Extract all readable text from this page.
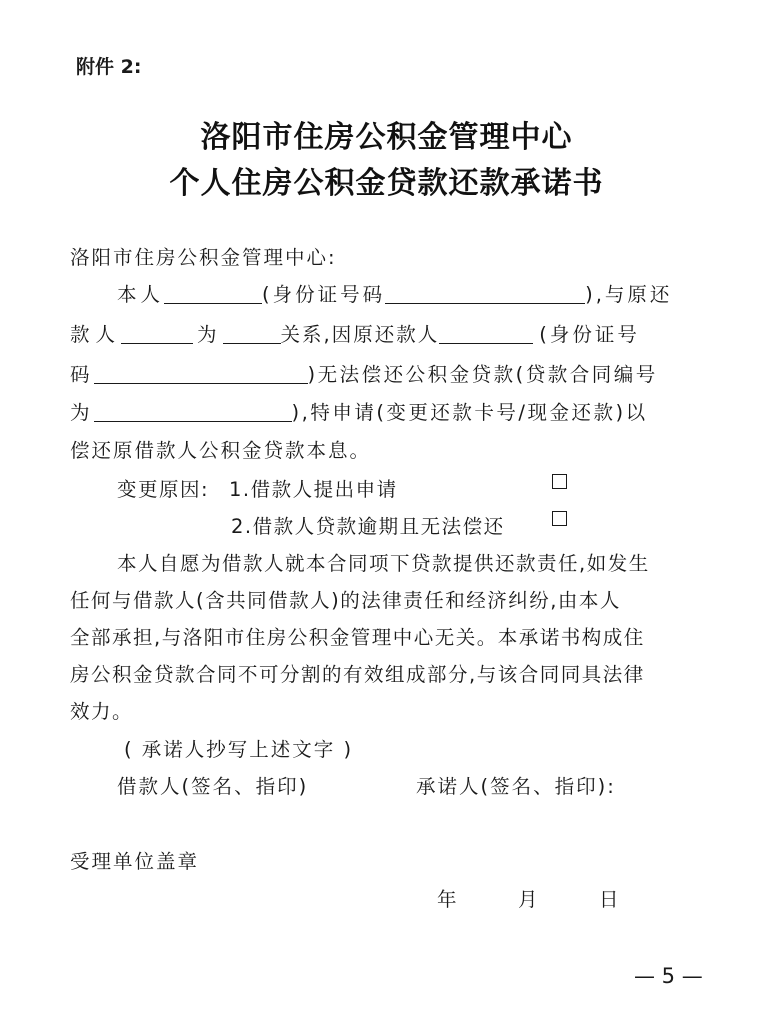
附件 2:
洛阳市住房公积金管理中心
个人住房公积金贷款还款承诺书
洛阳市住房公积金管理中心:
本人	(身份证号码	),与原还
款人	为	关系,因原还款人	(身份证号
码	)无法偿还公积金贷款(贷款合同编号
为	),特申请(变更还款卡号/现金还款)以
偿还原借款人公积金贷款本息。
变更原因: 1.借款人提出申请
2.借款人贷款逾期且无法偿还
本人自愿为借款人就本合同项下贷款提供还款责任,如发生
任何与借款人(含共同借款人)的法律责任和经济纠纷,由本人
全部承担,与洛阳市住房公积金管理中心无关。本承诺书构成住
房公积金贷款合同不可分割的有效组成部分,与该合同同具法律
效力。
( 承诺人抄写上述文字 )
借款人(签名、指印)	承诺人(签名、指印):
受理单位盖章
年	月	日
— 5 —
